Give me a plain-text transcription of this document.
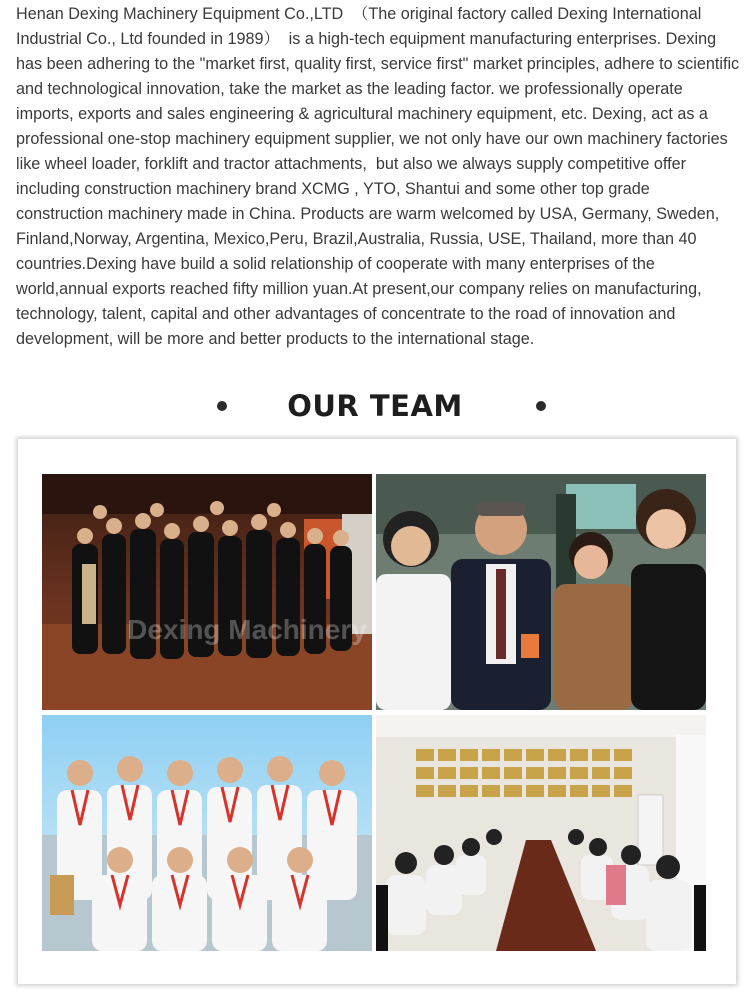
Henan Dexing Machinery Equipment Co.,LTD  （The original factory called Dexing International Industrial Co., Ltd founded in 1989）  is a high-tech equipment manufacturing enterprises. Dexing has been adhering to the "market first, quality first, service first" market principles, adhere to scientific and technological innovation, take the market as the leading factor. we professionally operate imports, exports and sales engineering & agricultural machinery equipment, etc. Dexing, act as a professional one-stop machinery equipment supplier, we not only have our own machinery factories like wheel loader, forklift and tractor attachments,  but also we always supply competitive offer including construction machinery brand XCMG , YTO, Shantui and some other top grade construction machinery made in China. Products are warm welcomed by USA, Germany, Sweden, Finland,Norway, Argentina, Mexico,Peru, Brazil,Australia, Russia, USE, Thailand, more than 40 countries.Dexing have build a solid relationship of cooperate with many enterprises of the world,annual exports reached fifty million yuan.At present,our company relies on manufacturing, technology, talent, capital and other advantages of concentrate to the road of innovation and development, will be more and better products to the international stage.

OUR TEAM
Dexing Machinery
